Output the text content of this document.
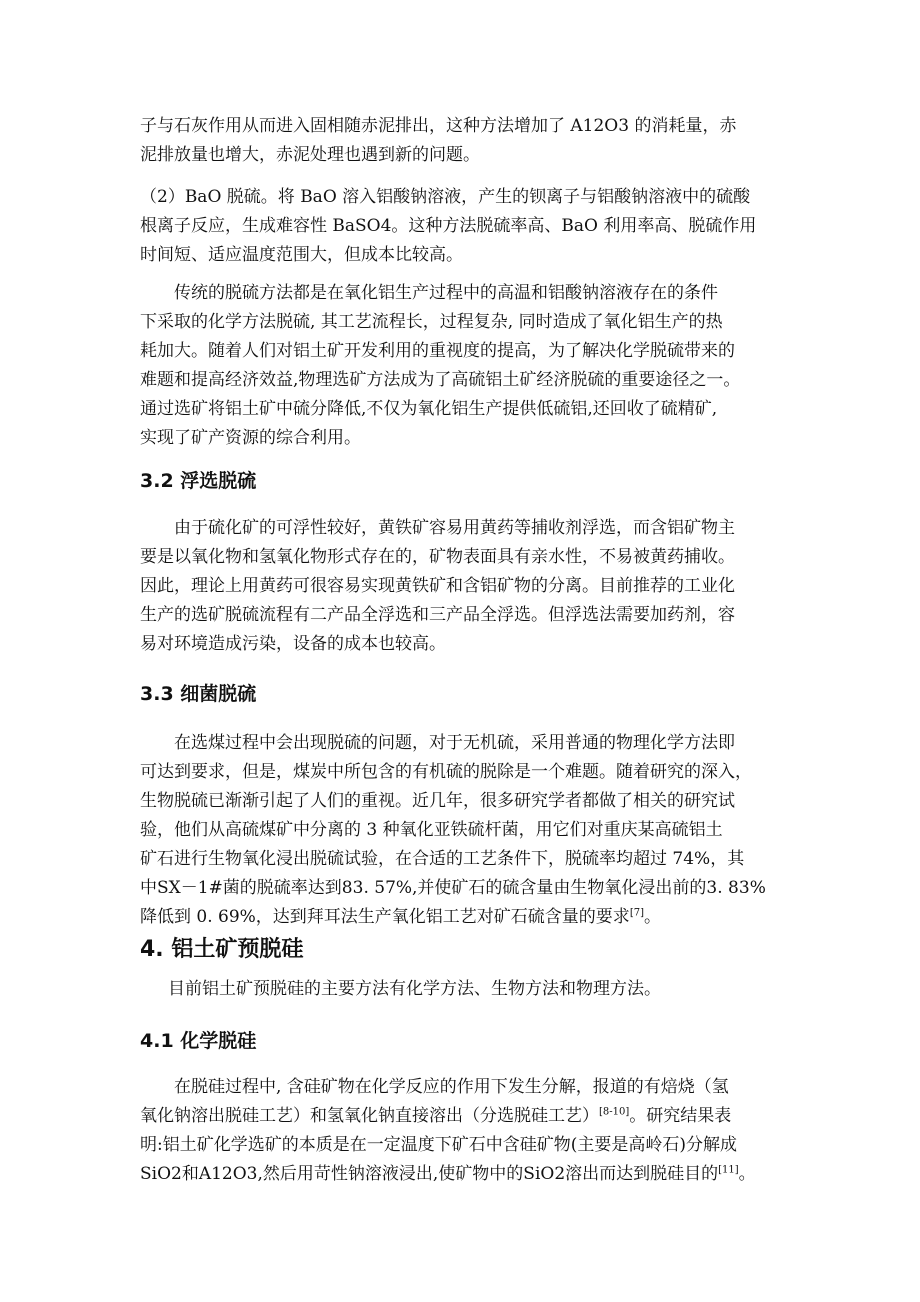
子与石灰作用从而进入固相随赤泥排出，这种方法增加了 A12O3 的消耗量，赤
泥排放量也增大，赤泥处理也遇到新的问题。

（2）BaO 脱硫。将 BaO 溶入铝酸钠溶液，产生的钡离子与铝酸钠溶液中的硫酸
根离子反应，生成难容性 BaSO4。这种方法脱硫率高、BaO 利用率高、脱硫作用
时间短、适应温度范围大，但成本比较高。

传统的脱硫方法都是在氧化铝生产过程中的高温和铝酸钠溶液存在的条件
下采取的化学方法脱硫, 其工艺流程长，过程复杂, 同时造成了氧化铝生产的热
耗加大。随着人们对铝土矿开发利用的重视度的提高，为了解决化学脱硫带来的
难题和提高经济效益,物理选矿方法成为了高硫铝土矿经济脱硫的重要途径之一。
通过选矿将铝土矿中硫分降低,不仅为氧化铝生产提供低硫铝,还回收了硫精矿,
实现了矿产资源的综合利用。

3.2 浮选脱硫

由于硫化矿的可浮性较好，黄铁矿容易用黄药等捕收剂浮选，而含铝矿物主
要是以氧化物和氢氧化物形式存在的，矿物表面具有亲水性，不易被黄药捕收。
因此，理论上用黄药可很容易实现黄铁矿和含铝矿物的分离。目前推荐的工业化
生产的选矿脱硫流程有二产品全浮选和三产品全浮选。但浮选法需要加药剂，容
易对环境造成污染，设备的成本也较高。

3.3 细菌脱硫

在选煤过程中会出现脱硫的问题，对于无机硫，采用普通的物理化学方法即
可达到要求，但是，煤炭中所包含的有机硫的脱除是一个难题。随着研究的深入，
生物脱硫已渐渐引起了人们的重视。近几年，很多研究学者都做了相关的研究试
验，他们从高硫煤矿中分离的 3 种氧化亚铁硫杆菌，用它们对重庆某高硫铝土
矿石进行生物氧化浸出脱硫试验，在合适的工艺条件下，脱硫率均超过 74%，其
中SX－1#菌的脱硫率达到83. 57%,并使矿石的硫含量由生物氧化浸出前的3. 83%
降低到 0. 69%，达到拜耳法生产氧化铝工艺对矿石硫含量的要求[7]。

4. 铝土矿预脱硅

目前铝土矿预脱硅的主要方法有化学方法、生物方法和物理方法。

4.1 化学脱硅

在脱硅过程中, 含硅矿物在化学反应的作用下发生分解，报道的有焙烧（氢
氧化钠溶出脱硅工艺）和氢氧化钠直接溶出（分选脱硅工艺）[8-10]。研究结果表
明:铝土矿化学选矿的本质是在一定温度下矿石中含硅矿物(主要是高岭石)分解成
SiO2和A12O3,然后用苛性钠溶液浸出,使矿物中的SiO2溶出而达到脱硅目的[11]。
